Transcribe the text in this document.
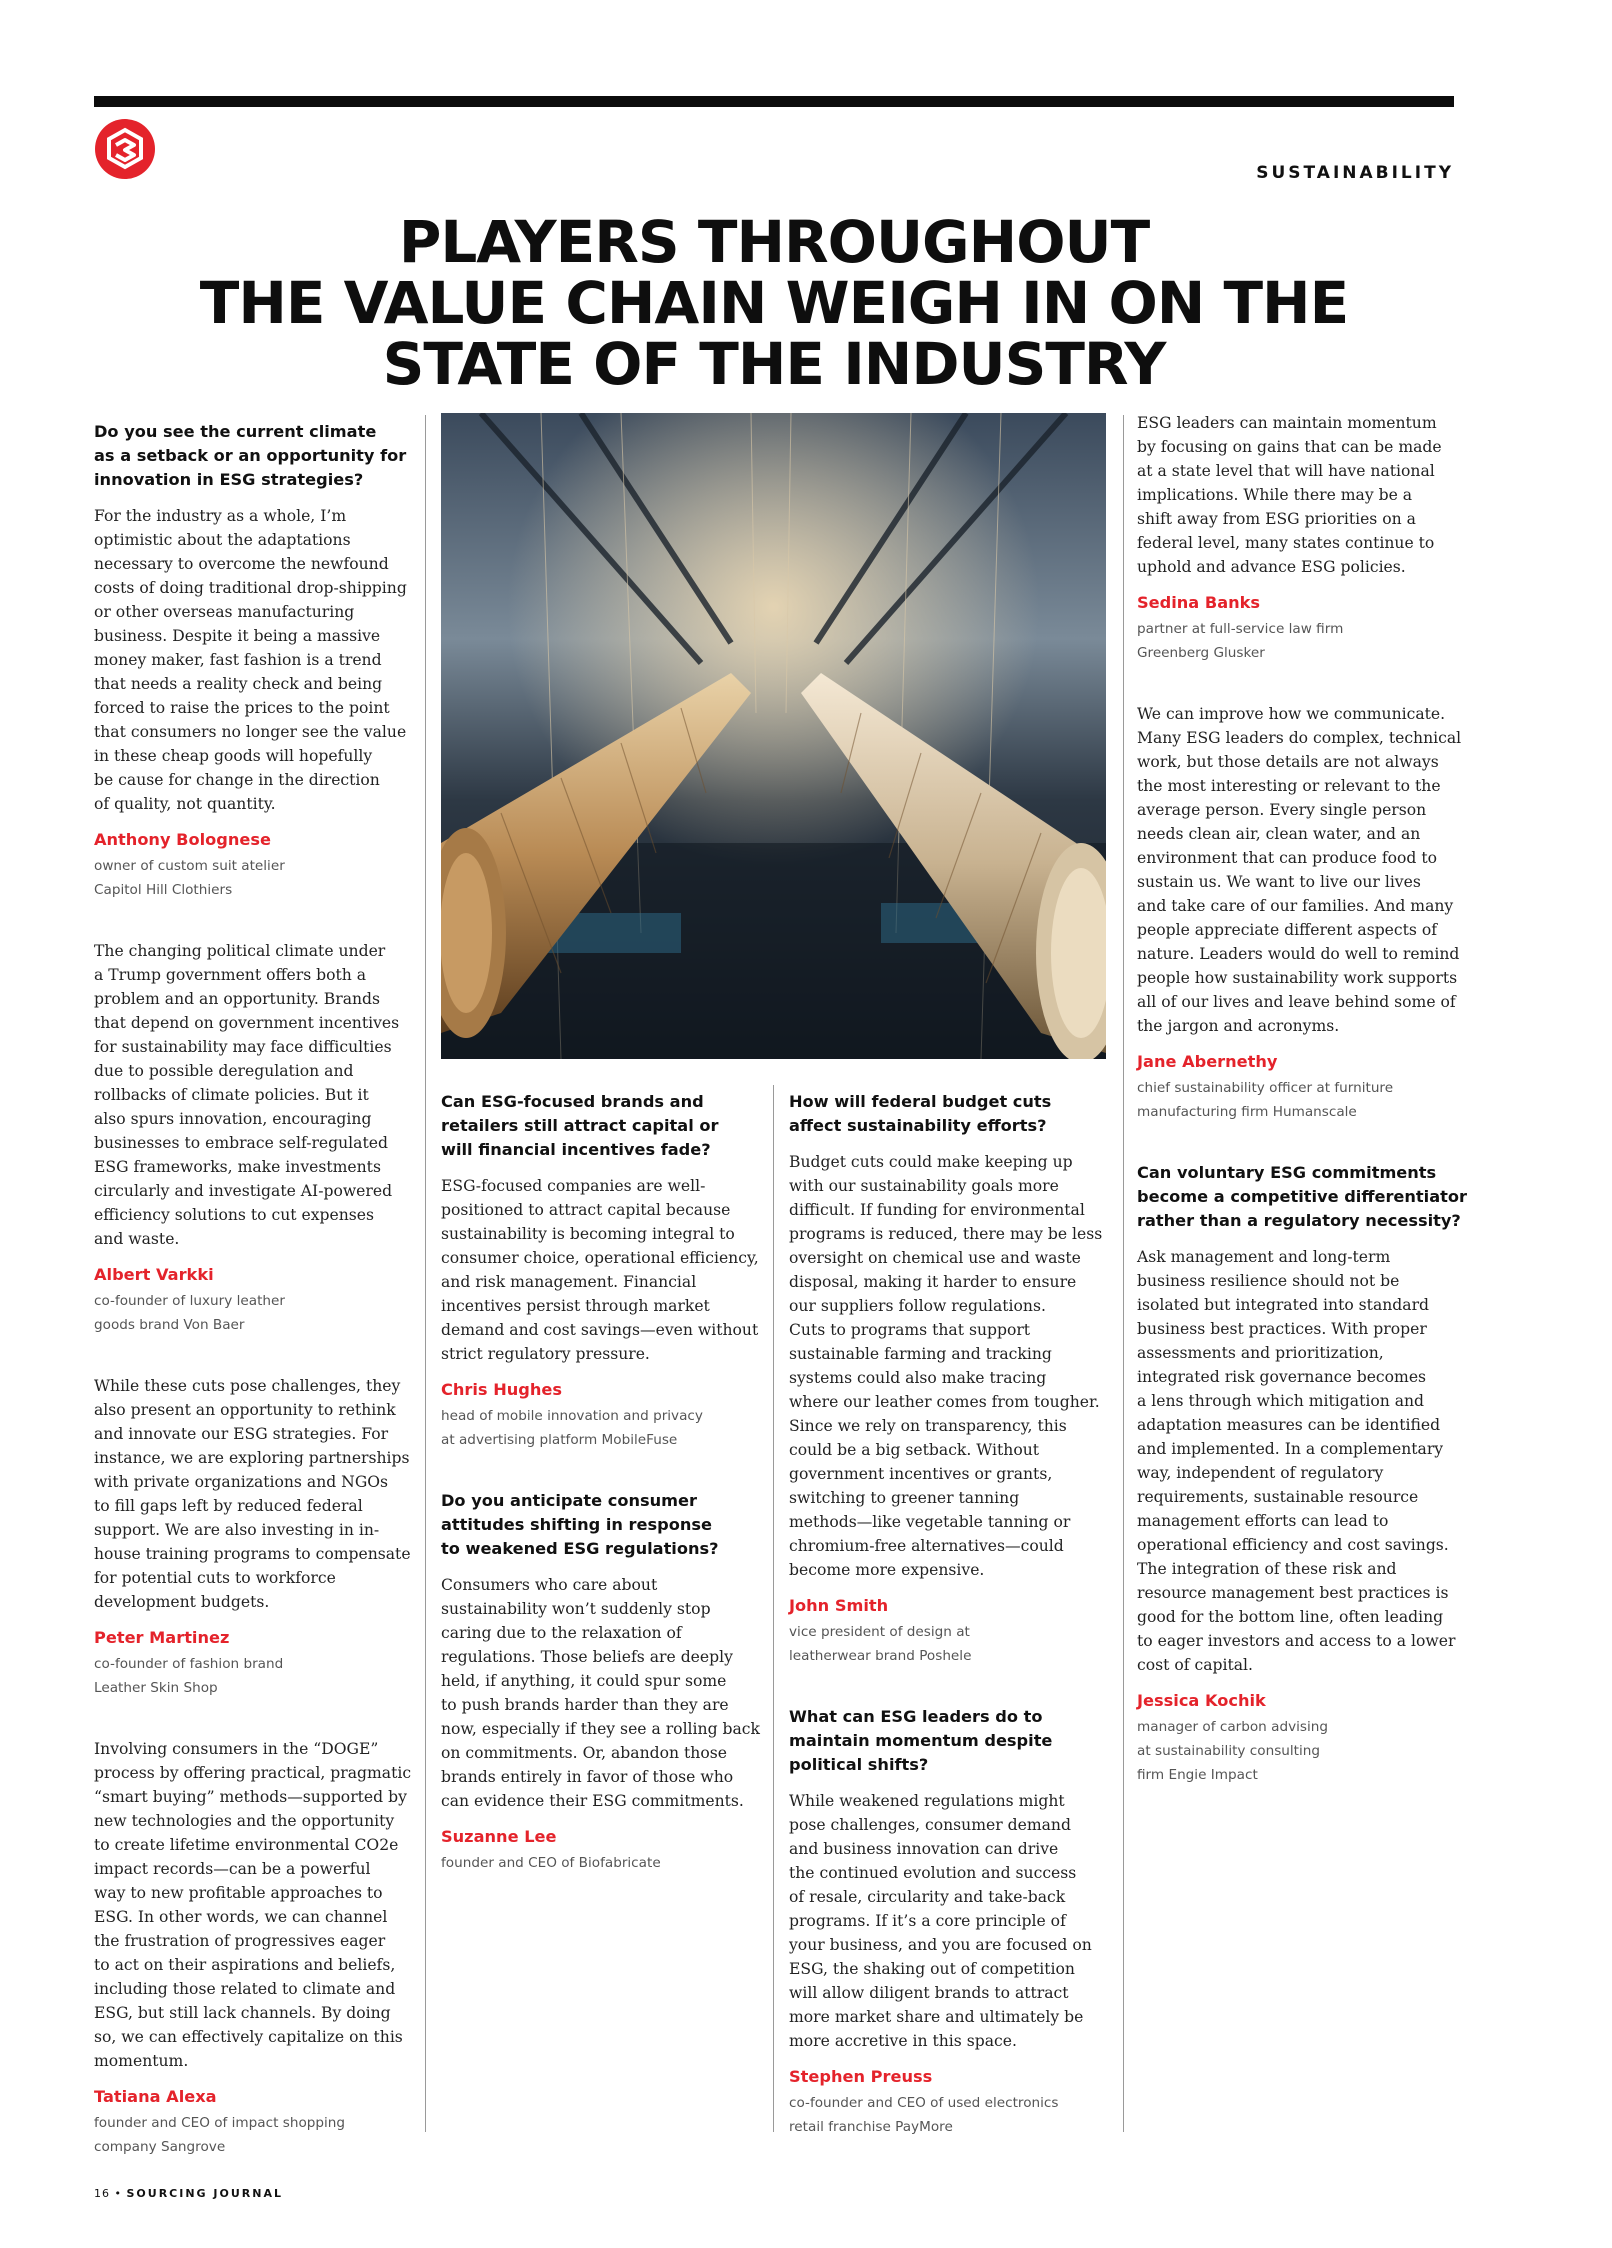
SUSTAINABILITY
PLAYERS THROUGHOUT
THE VALUE CHAIN WEIGH IN ON THE
STATE OF THE INDUSTRY

Do you see the current climate
as a setback or an opportunity for
innovation in ESG strategies?

For the industry as a whole, I’m
optimistic about the adaptations
necessary to overcome the newfound
costs of doing traditional drop-shipping
or other overseas manufacturing
business. Despite it being a massive
money maker, fast fashion is a trend
that needs a reality check and being
forced to raise the prices to the point
that consumers no longer see the value
in these cheap goods will hopefully
be cause for change in the direction
of quality, not quantity.

Anthony Bolognese

owner of custom suit atelier
Capitol Hill Clothiers

The changing political climate under
a Trump government offers both a
problem and an opportunity. Brands
that depend on government incentives
for sustainability may face difficulties
due to possible deregulation and
rollbacks of climate policies. But it
also spurs innovation, encouraging
businesses to embrace self-regulated
ESG frameworks, make investments
circularly and investigate AI-powered
efficiency solutions to cut expenses
and waste.

Albert Varkki

co-founder of luxury leather
goods brand Von Baer

While these cuts pose challenges, they
also present an opportunity to rethink
and innovate our ESG strategies. For
instance, we are exploring partnerships
with private organizations and NGOs
to fill gaps left by reduced federal
support. We are also investing in in-
house training programs to compensate
for potential cuts to workforce
development budgets.

Peter Martinez

co-founder of fashion brand
Leather Skin Shop

Involving consumers in the “DOGE”
process by offering practical, pragmatic
“smart buying” methods—supported by
new technologies and the opportunity
to create lifetime environmental CO2e
impact records—can be a powerful
way to new profitable approaches to
ESG. In other words, we can channel
the frustration of progressives eager
to act on their aspirations and beliefs,
including those related to climate and
ESG, but still lack channels. By doing
so, we can effectively capitalize on this
momentum.

Tatiana Alexa

founder and CEO of impact shopping
company Sangrove

Can ESG-focused brands and
retailers still attract capital or
will financial incentives fade?

ESG-focused companies are well-
positioned to attract capital because
sustainability is becoming integral to
consumer choice, operational efficiency,
and risk management. Financial
incentives persist through market
demand and cost savings—even without
strict regulatory pressure.

Chris Hughes

head of mobile innovation and privacy
at advertising platform MobileFuse

Do you anticipate consumer
attitudes shifting in response
to weakened ESG regulations?

Consumers who care about
sustainability won’t suddenly stop
caring due to the relaxation of
regulations. Those beliefs are deeply
held, if anything, it could spur some
to push brands harder than they are
now, especially if they see a rolling back
on commitments. Or, abandon those
brands entirely in favor of those who
can evidence their ESG commitments.

Suzanne Lee

founder and CEO of Biofabricate

How will federal budget cuts
affect sustainability efforts?

Budget cuts could make keeping up
with our sustainability goals more
difficult. If funding for environmental
programs is reduced, there may be less
oversight on chemical use and waste
disposal, making it harder to ensure
our suppliers follow regulations.
Cuts to programs that support
sustainable farming and tracking
systems could also make tracing
where our leather comes from tougher.
Since we rely on transparency, this
could be a big setback. Without
government incentives or grants,
switching to greener tanning
methods—like vegetable tanning or
chromium-free alternatives—could
become more expensive.

John Smith

vice president of design at
leatherwear brand Poshele

What can ESG leaders do to
maintain momentum despite
political shifts?

While weakened regulations might
pose challenges, consumer demand
and business innovation can drive
the continued evolution and success
of resale, circularity and take-back
programs. If it’s a core principle of
your business, and you are focused on
ESG, the shaking out of competition
will allow diligent brands to attract
more market share and ultimately be
more accretive in this space.

Stephen Preuss

co-founder and CEO of used electronics
retail franchise PayMore

ESG leaders can maintain momentum
by focusing on gains that can be made
at a state level that will have national
implications. While there may be a
shift away from ESG priorities on a
federal level, many states continue to
uphold and advance ESG policies.

Sedina Banks

partner at full-service law firm
Greenberg Glusker

We can improve how we communicate.
Many ESG leaders do complex, technical
work, but those details are not always
the most interesting or relevant to the
average person. Every single person
needs clean air, clean water, and an
environment that can produce food to
sustain us. We want to live our lives
and take care of our families. And many
people appreciate different aspects of
nature. Leaders would do well to remind
people how sustainability work supports
all of our lives and leave behind some of
the jargon and acronyms.

Jane Abernethy

chief sustainability officer at furniture
manufacturing firm Humanscale

Can voluntary ESG commitments
become a competitive differentiator
rather than a regulatory necessity?

Ask management and long-term
business resilience should not be
isolated but integrated into standard
business best practices. With proper
assessments and prioritization,
integrated risk governance becomes
a lens through which mitigation and
adaptation measures can be identified
and implemented. In a complementary
way, independent of regulatory
requirements, sustainable resource
management efforts can lead to
operational efficiency and cost savings.
The integration of these risk and
resource management best practices is
good for the bottom line, often leading
to eager investors and access to a lower
cost of capital.

Jessica Kochik

manager of carbon advising
at sustainability consulting
firm Engie Impact

16 • SOURCING JOURNAL
